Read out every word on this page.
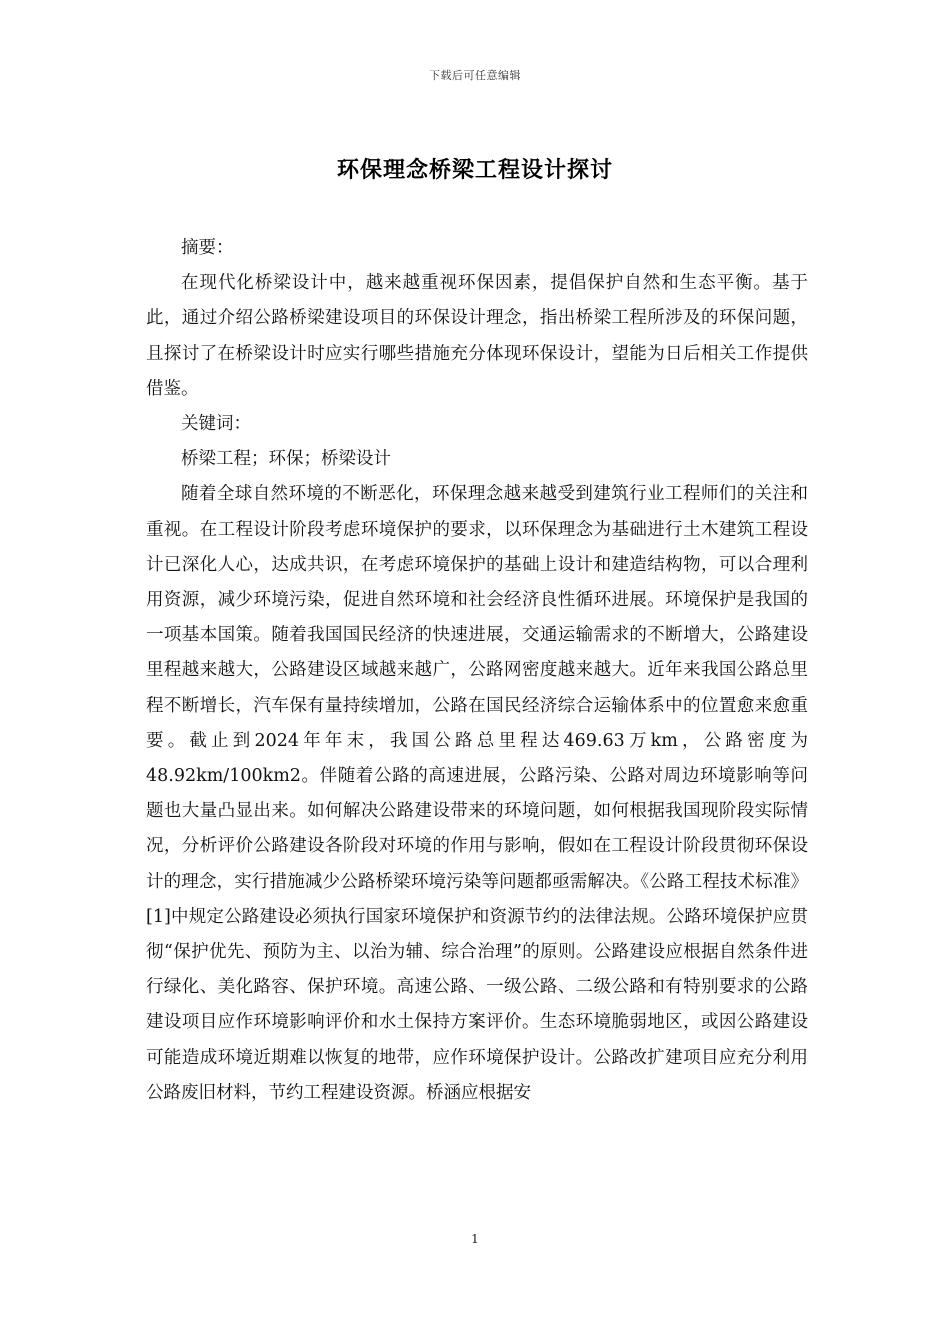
下载后可任意编辑
环保理念桥梁工程设计探讨

摘要：

在现代化桥梁设计中，越来越重视环保因素，提倡保护自然和生态平衡。基于此，通过介绍公路桥梁建设项目的环保设计理念，指出桥梁工程所涉及的环保问题，且探讨了在桥梁设计时应实行哪些措施充分体现环保设计，望能为日后相关工作提供借鉴。

关键词：

桥梁工程；环保；桥梁设计

随着全球自然环境的不断恶化，环保理念越来越受到建筑行业工程师们的关注和重视。在工程设计阶段考虑环境保护的要求，以环保理念为基础进行土木建筑工程设计已深化人心，达成共识，在考虑环境保护的基础上设计和建造结构物，可以合理利用资源，减少环境污染，促进自然环境和社会经济良性循环进展。环境保护是我国的一项基本国策。随着我国国民经济的快速进展，交通运输需求的不断增大，公路建设里程越来越大，公路建设区域越来越广，公路网密度越来越大。近年来我国公路总里程不断增长，汽车保有量持续增加，公路在国民经济综合运输体系中的位置愈来愈重要。截止到2024年年末，我国公路总里程达469.63万km，公路密度为48.92km/100km2。伴随着公路的高速进展，公路污染、公路对周边环境影响等问题也大量凸显出来。如何解决公路建设带来的环境问题，如何根据我国现阶段实际情况，分析评价公路建设各阶段对环境的作用与影响，假如在工程设计阶段贯彻环保设计的理念，实行措施减少公路桥梁环境污染等问题都亟需解决。《公路工程技术标准》[1]中规定公路建设必须执行国家环境保护和资源节约的法律法规。公路环境保护应贯彻“保护优先、预防为主、以治为辅、综合治理”的原则。公路建设应根据自然条件进行绿化、美化路容、保护环境。高速公路、一级公路、二级公路和有特别要求的公路建设项目应作环境影响评价和水土保持方案评价。生态环境脆弱地区，或因公路建设可能造成环境近期难以恢复的地带，应作环境保护设计。公路改扩建项目应充分利用公路废旧材料，节约工程建设资源。桥涵应根据安

1
